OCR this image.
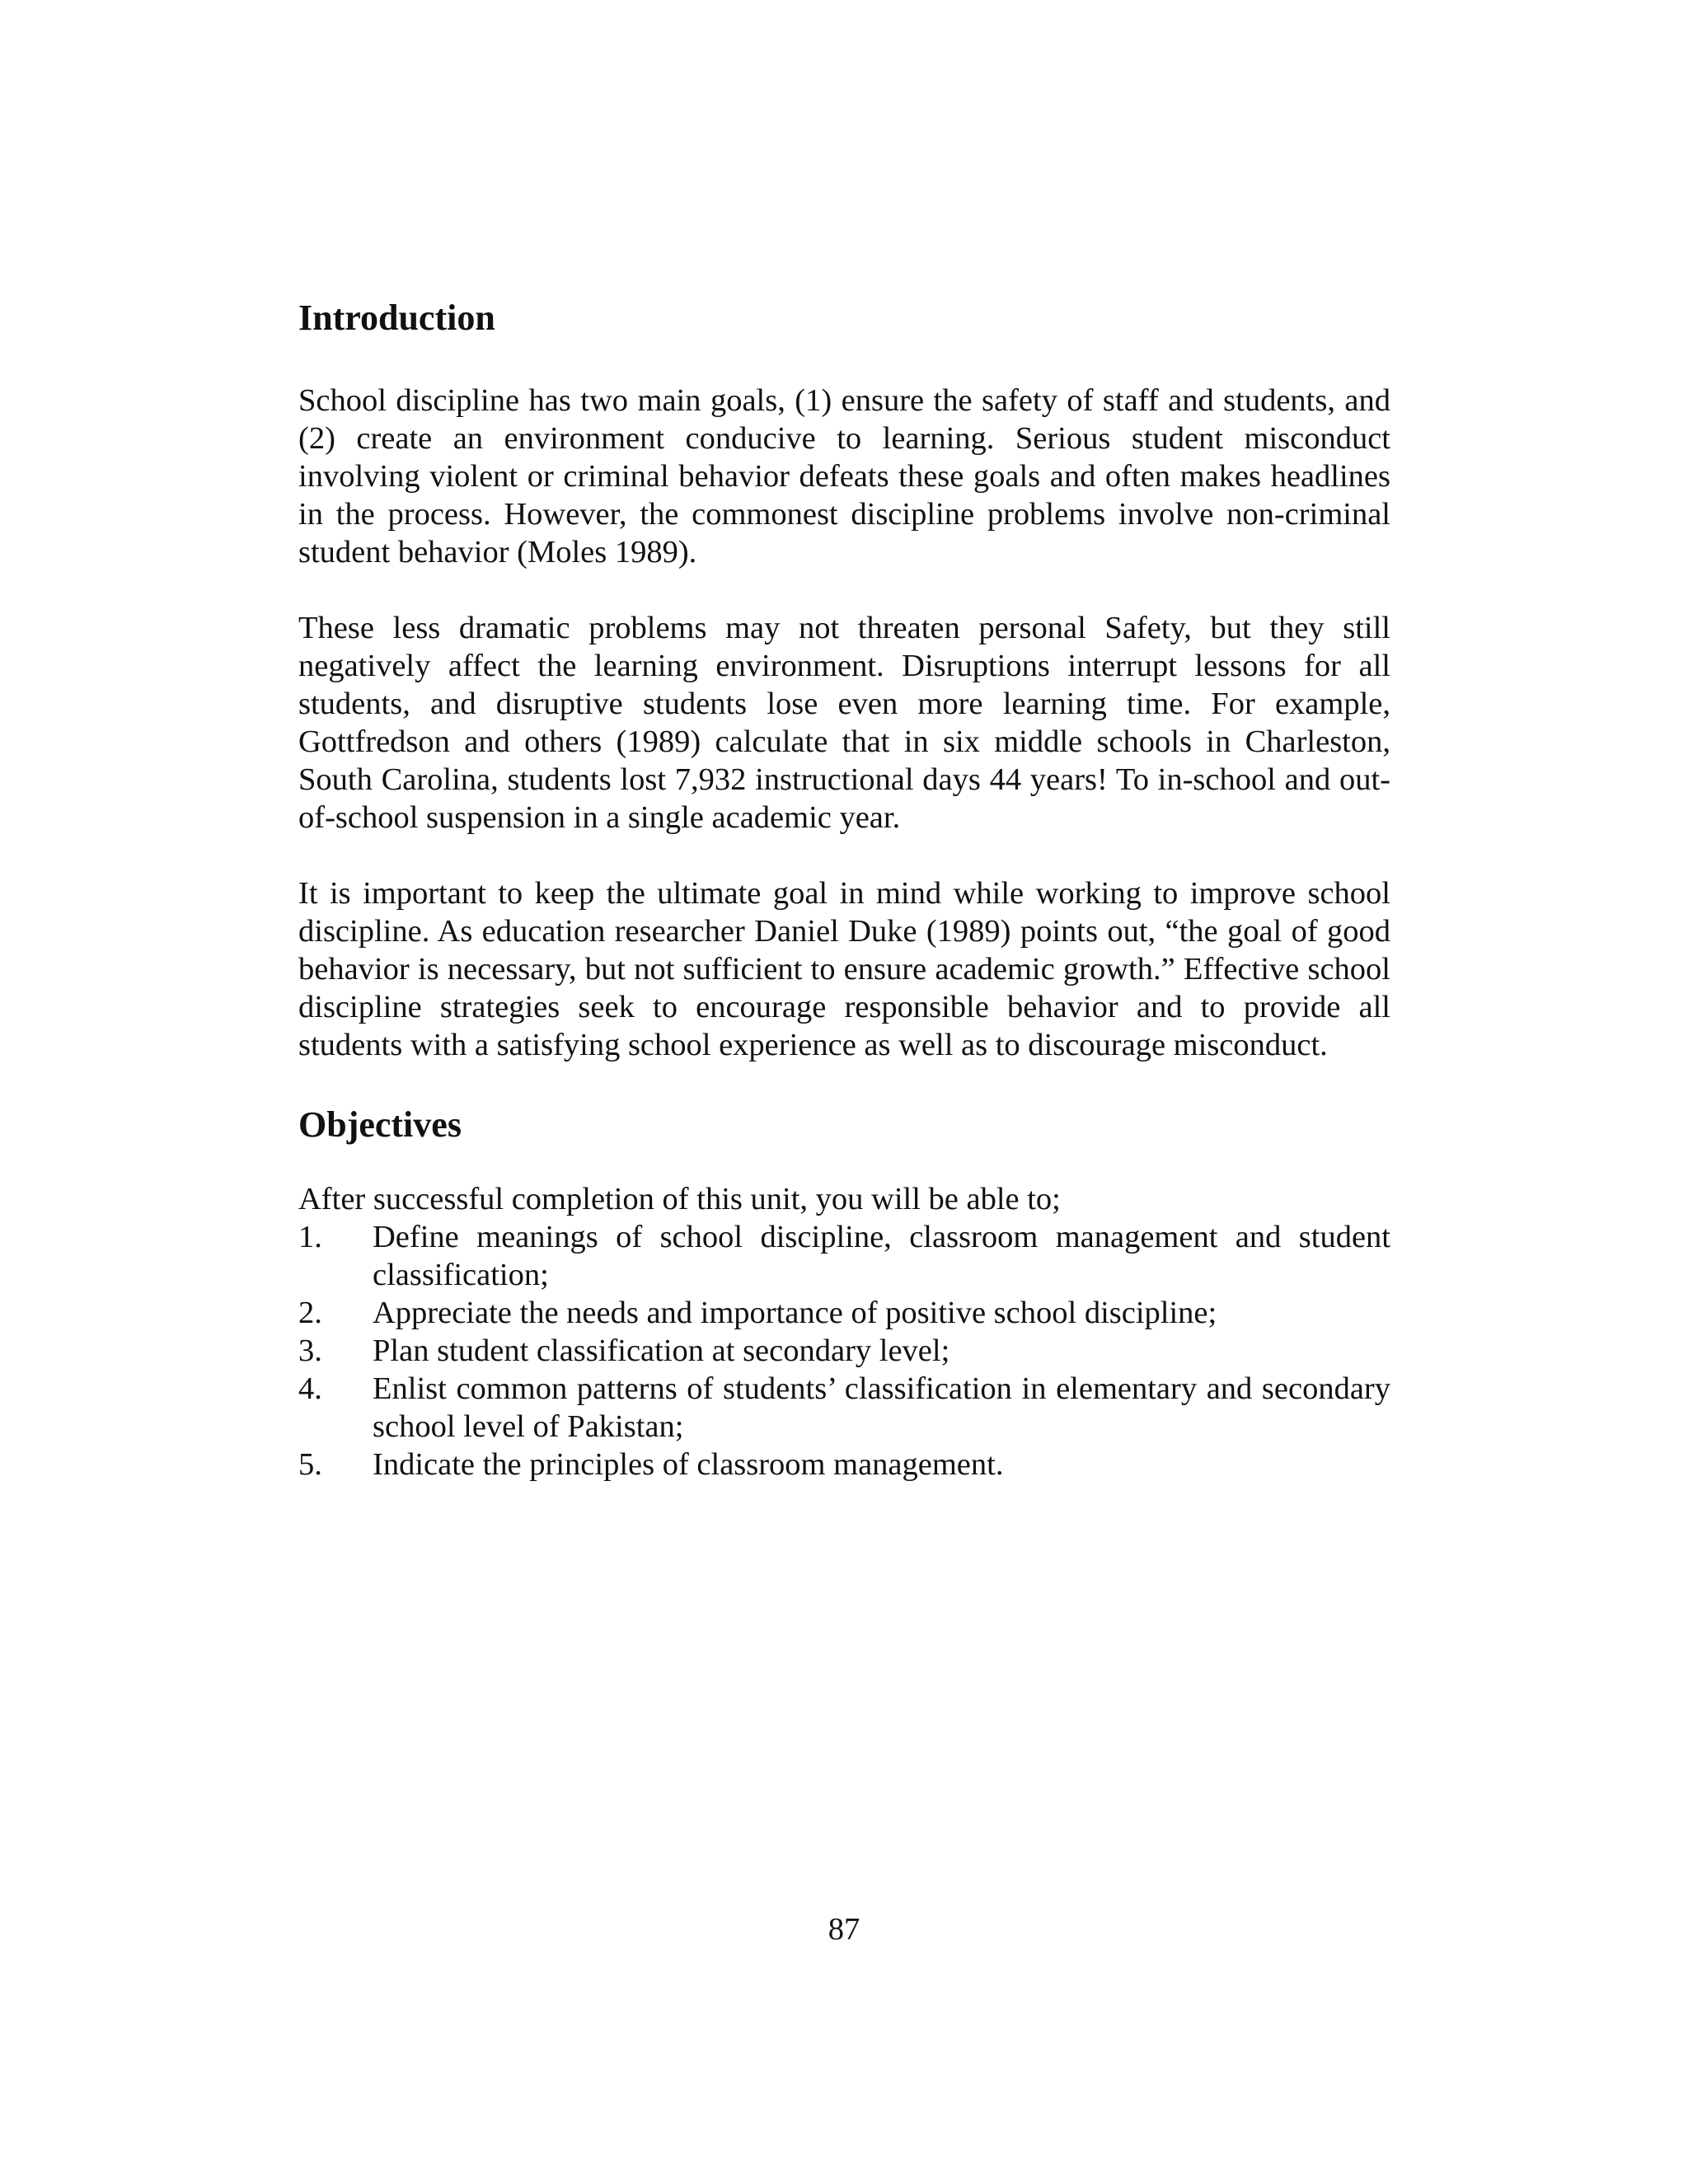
Introduction

School discipline has two main goals, (1) ensure the safety of staff and students, and (2) create an environment conducive to learning. Serious student misconduct involving violent or criminal behavior defeats these goals and often makes headlines in the process. However, the commonest discipline problems involve non-criminal student behavior (Moles 1989).

These less dramatic problems may not threaten personal Safety, but they still negatively affect the learning environment. Disruptions interrupt lessons for all students, and disruptive students lose even more learning time. For example, Gottfredson and others (1989) calculate that in six middle schools in Charleston, South Carolina, students lost 7,932 instructional days 44 years! To in-school and out-of-school suspension in a single academic year.

It is important to keep the ultimate goal in mind while working to improve school discipline. As education researcher Daniel Duke (1989) points out, “the goal of good behavior is necessary, but not sufficient to ensure academic growth.” Effective school discipline strategies seek to encourage responsible behavior and to provide all students with a satisfying school experience as well as to discourage misconduct.

Objectives

After successful completion of this unit, you will be able to;

1.	Define meanings of school discipline, classroom management and student classification;
2.	Appreciate the needs and importance of positive school discipline;
3.	Plan student classification at secondary level;
4.	Enlist common patterns of students’ classification in elementary and secondary school level of Pakistan;
5.	Indicate the principles of classroom management.
87
